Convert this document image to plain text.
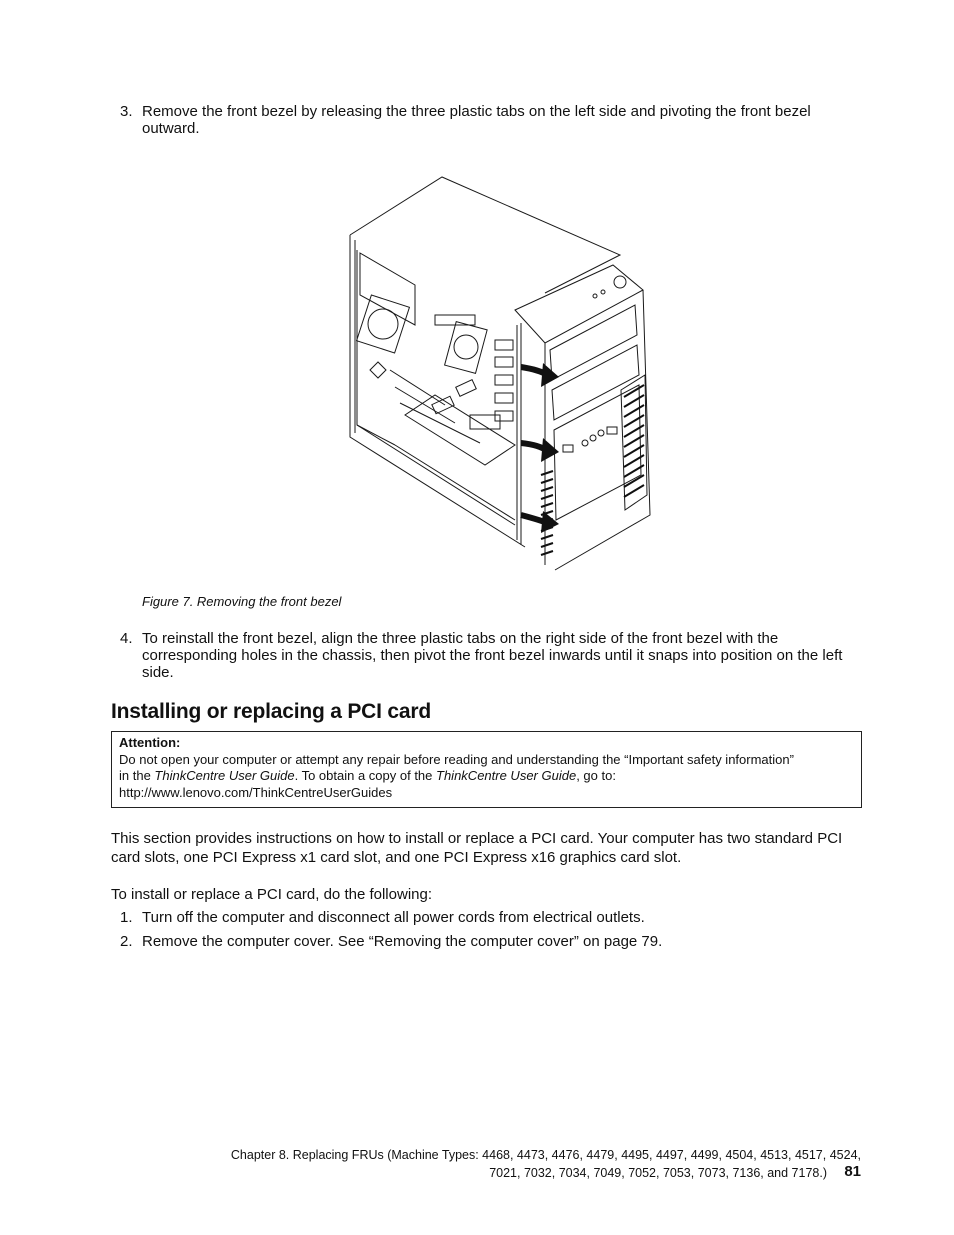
3. Remove the front bezel by releasing the three plastic tabs on the left side and pivoting the front bezel outward.
Figure 7. Removing the front bezel
4. To reinstall the front bezel, align the three plastic tabs on the right side of the front bezel with the corresponding holes in the chassis, then pivot the front bezel inwards until it snaps into position on the left side.
Installing or replacing a PCI card
Attention:
Do not open your computer or attempt any repair before reading and understanding the “Important safety information”
in the ThinkCentre User Guide. To obtain a copy of the ThinkCentre User Guide, go to:
http://www.lenovo.com/ThinkCentreUserGuides
This section provides instructions on how to install or replace a PCI card. Your computer has two standard PCI card slots, one PCI Express x1 card slot, and one PCI Express x16 graphics card slot.
To install or replace a PCI card, do the following:
1. Turn off the computer and disconnect all power cords from electrical outlets.
2. Remove the computer cover. See “Removing the computer cover” on page 79.
Chapter 8. Replacing FRUs (Machine Types: 4468, 4473, 4476, 4479, 4495, 4497, 4499, 4504, 4513, 4517, 4524,
7021, 7032, 7034, 7049, 7052, 7053, 7073, 7136, and 7178.) 81
